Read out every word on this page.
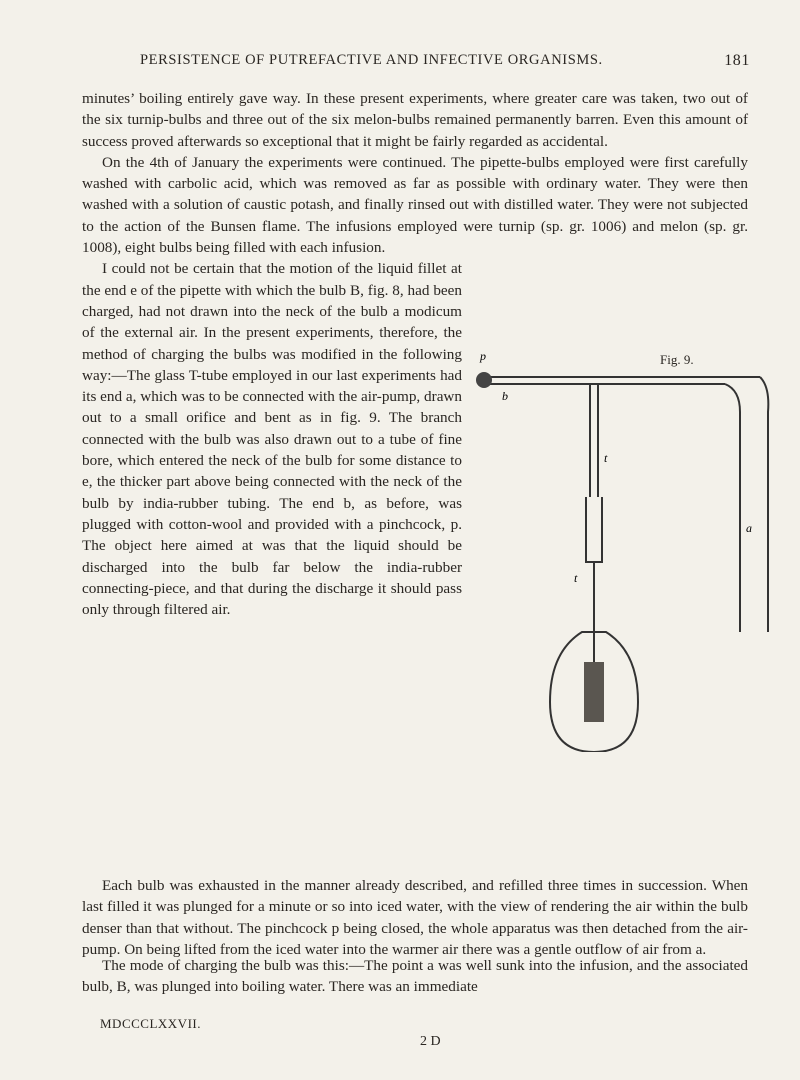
PERSISTENCE OF PUTREFACTIVE AND INFECTIVE ORGANISMS.	181

minutes’ boiling entirely gave way. In these present experiments, where greater care was taken, two out of the six turnip-bulbs and three out of the six melon-bulbs remained permanently barren. Even this amount of success proved afterwards so exceptional that it might be fairly regarded as accidental.

On the 4th of January the experiments were continued. The pipette-bulbs employed were first carefully washed with carbolic acid, which was removed as far as possible with ordinary water. They were then washed with a solution of caustic potash, and finally rinsed out with distilled water. They were not subjected to the action of the Bunsen flame. The infusions employed were turnip (sp. gr. 1006) and melon (sp. gr. 1008), eight bulbs being filled with each infusion.

I could not be certain that the motion of the liquid fillet at the end e of the pipette with which the bulb B, fig. 8, had been charged, had not drawn into the neck of the bulb a modicum of the external air. In the present experiments, therefore, the method of charging the bulbs was modified in the following way:—The glass T-tube employed in our last experiments had its end a, which was to be connected with the air-pump, drawn out to a small orifice and bent as in fig. 9. The branch connected with the bulb was also drawn out to a tube of fine bore, which entered the neck of the bulb for some distance to e, the thicker part above being connected with the neck of the bulb by india-rubber tubing. The end b, as before, was plugged with cotton-wool and provided with a pinchcock, p. The object here aimed at was that the liquid should be discharged into the bulb far below the india-rubber connecting-piece, and that during the discharge it should pass only through filtered air.

Fig. 9.
p
b
t
a
t

Each bulb was exhausted in the manner already described, and refilled three times in succession. When last filled it was plunged for a minute or so into iced water, with the view of rendering the air within the bulb denser than that without. The pinchcock p being closed, the whole apparatus was then detached from the air-pump. On being lifted from the iced water into the warmer air there was a gentle outflow of air from a.

The mode of charging the bulb was this:—The point a was well sunk into the infusion, and the associated bulb, B, was plunged into boiling water. There was an immediate

MDCCCLXXVII.
2 D
